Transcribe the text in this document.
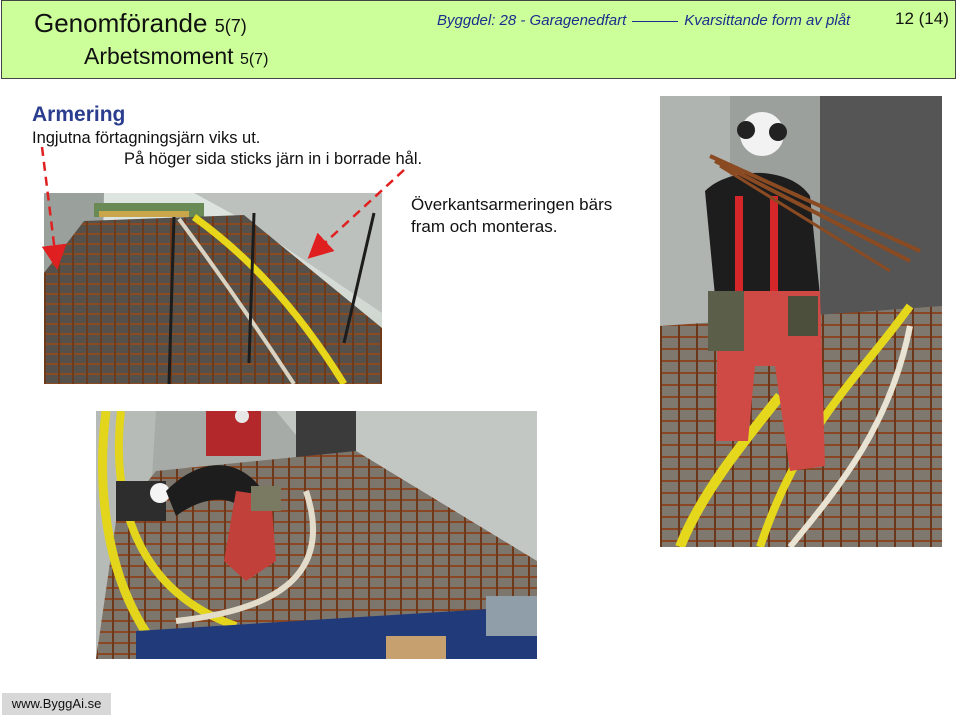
Genomförande 5(7)
Arbetsmoment 5(7)
Byggdel: 28 - Garagenedfart	Kvarsittande form av plåt	12 (14)
Armering
Ingjutna förtagningsjärn viks ut.
På höger sida sticks järn in i borrade hål.
Överkantsarmeringen bärs
fram och monteras.
www.ByggAi.se
